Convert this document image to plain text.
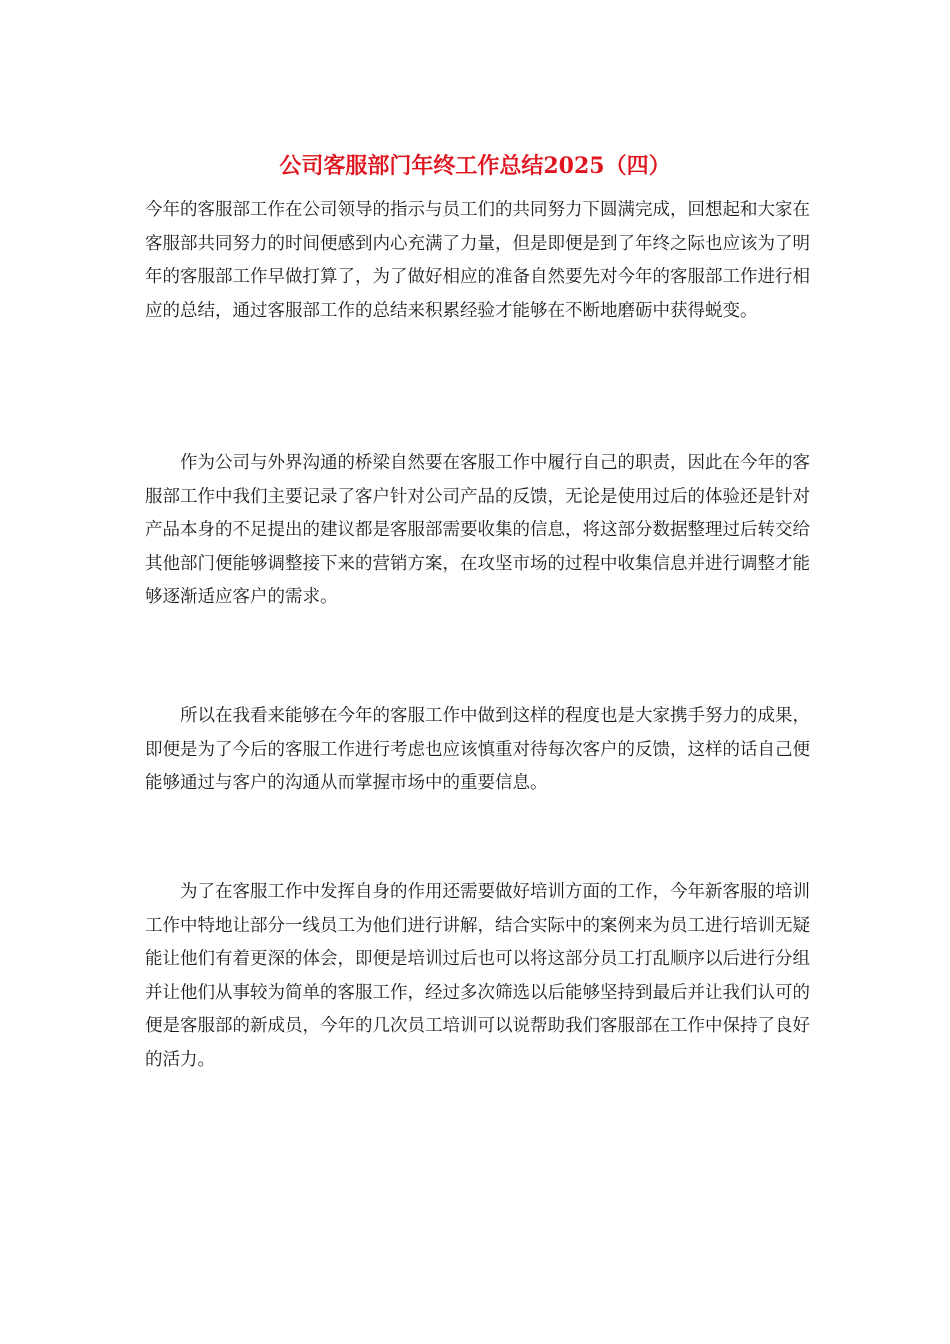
公司客服部门年终工作总结2025（四）

今年的客服部工作在公司领导的指示与员工们的共同努力下圆满完成，回想起和大家在客服部共同努力的时间便感到内心充满了力量，但是即便是到了年终之际也应该为了明年的客服部工作早做打算了，为了做好相应的准备自然要先对今年的客服部工作进行相应的总结，通过客服部工作的总结来积累经验才能够在不断地磨砺中获得蜕变。

作为公司与外界沟通的桥梁自然要在客服工作中履行自己的职责，因此在今年的客服部工作中我们主要记录了客户针对公司产品的反馈，无论是使用过后的体验还是针对产品本身的不足提出的建议都是客服部需要收集的信息，将这部分数据整理过后转交给其他部门便能够调整接下来的营销方案，在攻坚市场的过程中收集信息并进行调整才能够逐渐适应客户的需求。

所以在我看来能够在今年的客服工作中做到这样的程度也是大家携手努力的成果，即便是为了今后的客服工作进行考虑也应该慎重对待每次客户的反馈，这样的话自己便能够通过与客户的沟通从而掌握市场中的重要信息。

为了在客服工作中发挥自身的作用还需要做好培训方面的工作，今年新客服的培训工作中特地让部分一线员工为他们进行讲解，结合实际中的案例来为员工进行培训无疑能让他们有着更深的体会，即便是培训过后也可以将这部分员工打乱顺序以后进行分组并让他们从事较为简单的客服工作，经过多次筛选以后能够坚持到最后并让我们认可的便是客服部的新成员，今年的几次员工培训可以说帮助我们客服部在工作中保持了良好的活力。
